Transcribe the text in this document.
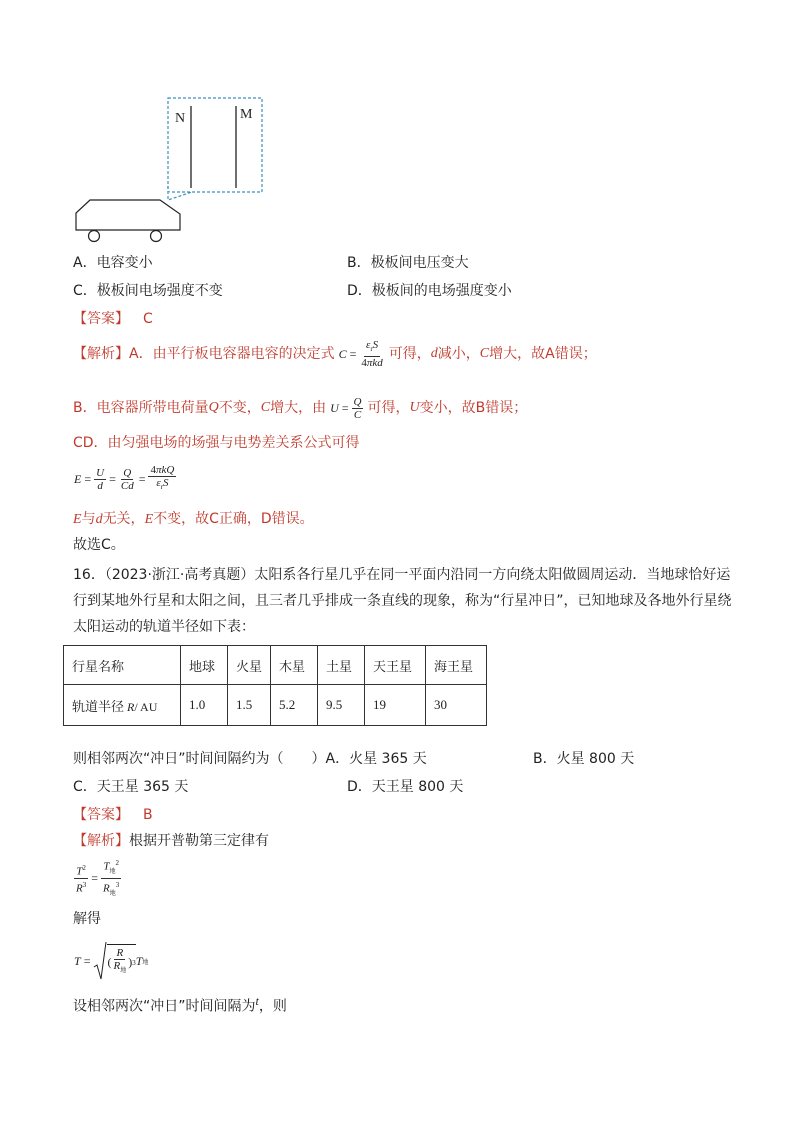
N	M
A．电容变小	B．极板间电压变大
C．极板间电场强度不变	D．极板间的电场强度变小
【答案】 C
【解析】 A．由平行板电容器电容的决定式 $C = \frac{\varepsilon_rS}{\text{4πkd}}$ 可得， d 减小， C 增大，故A错误；
B．电容器所带电荷量 Q 不变， C 增大，由 $U = \frac{Q}{C}$ 可得， U 变小，故B错误；
CD．由匀强电场的场强与电势差关系公式可得
$E = \frac{U}{d} = \frac{Q}{Cd} = \frac{\text{4πkQ}}{\varepsilon_rS}$
E与d无关，E不变，故C正确，D错误。
故选C。
16．（2023·浙江·高考真题）太阳系各行星几乎在同一平面内沿同一方向绕太阳做圆周运动．当地球恰好运
行到某地外行星和太阳之间，且三者几乎排成一条直线的现象，称为“行星冲日”，已知地球及各地外行星绕
太阳运动的轨道半径如下表：
行星名称	地球	火星	木星	土星	天王星	海王星
轨道半径 R/ AU	1.0	1.5	5.2	9.5	19	30
则相邻两次“冲日”时间间隔约为（　　）A．火星 365 天	B．火星 800 天
C．天王星 365 天	D．天王星 800 天
【答案】 B
【解析】根据开普勒第三定律有
$\frac{T^2}{R^3} = \frac{T_地^2}{R_地^3}$
解得
T = ( $\frac{R}{R_地}$ ) 3 T 地
设相邻两次“冲日”时间间隔为t，则
